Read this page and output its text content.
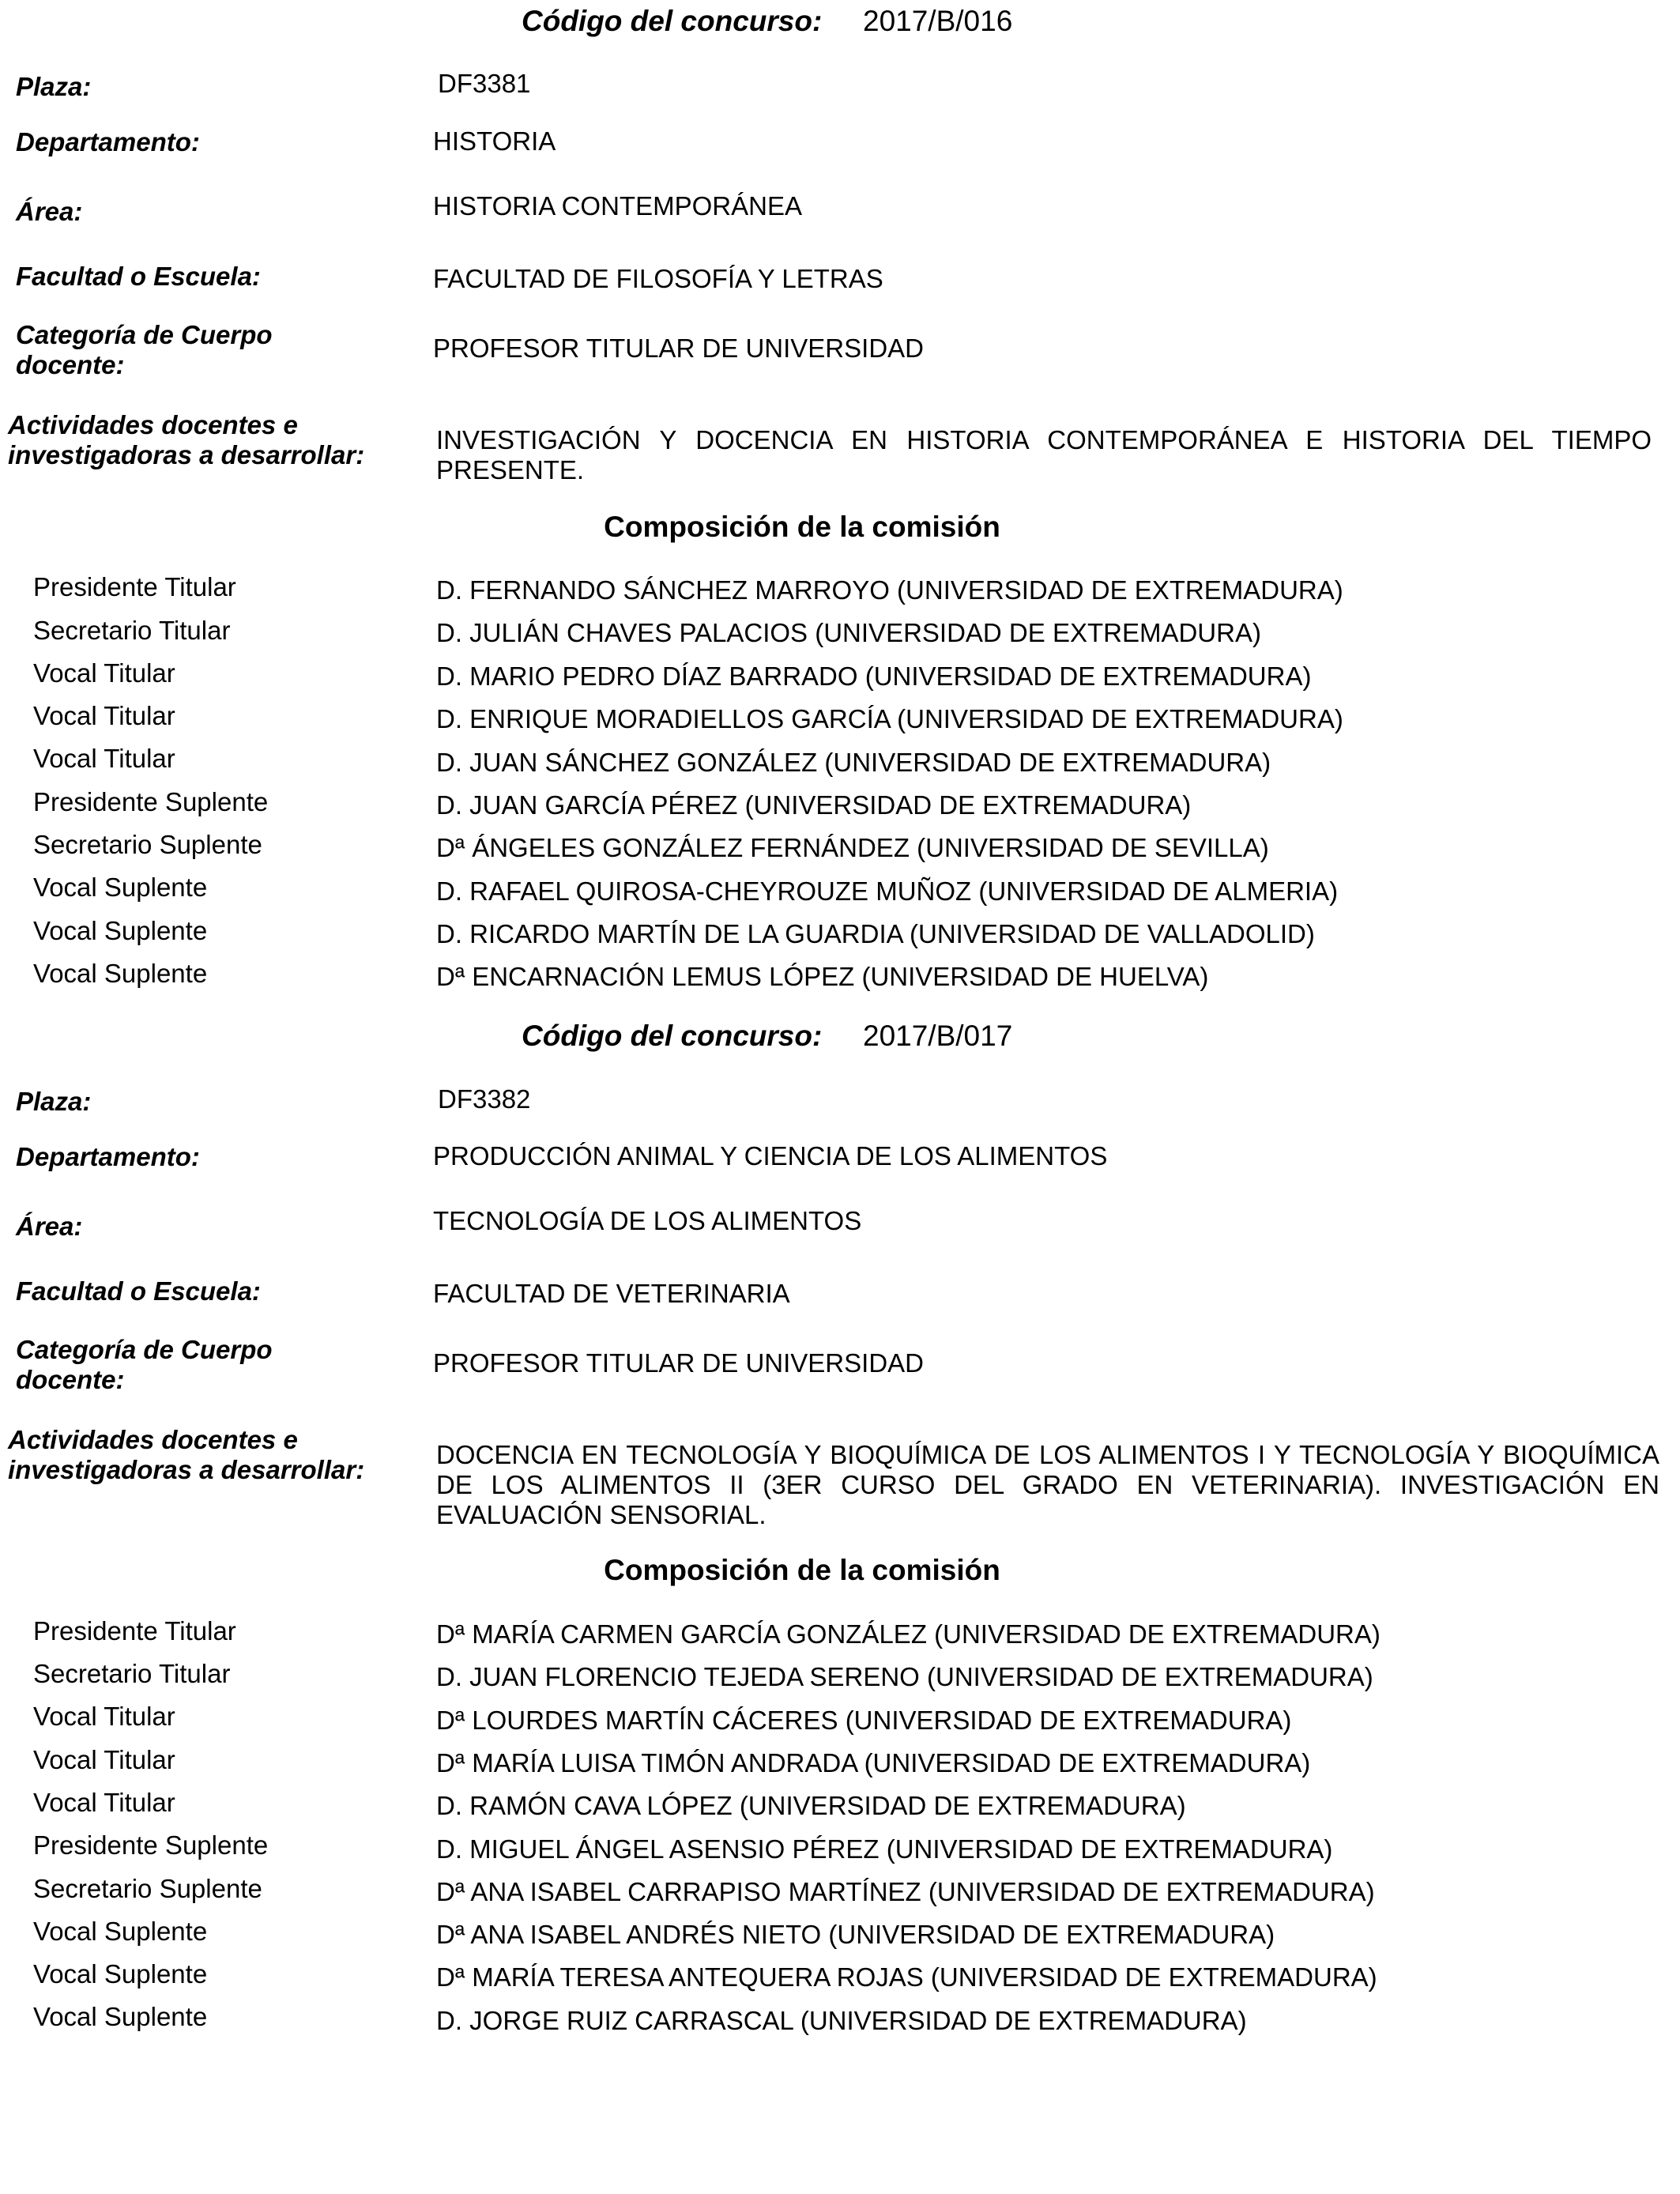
Código del concurso: 2017/B/016
Plaza:	DF3381
Departamento:	HISTORIA
Área:	HISTORIA CONTEMPORÁNEA
Facultad o Escuela:	FACULTAD DE FILOSOFÍA Y LETRAS
Categoría de Cuerpo
docente:
PROFESOR TITULAR DE UNIVERSIDAD
Actividades docentes e
investigadoras a desarrollar:
INVESTIGACIÓN Y DOCENCIA EN HISTORIA CONTEMPORÁNEA E HISTORIA DEL TIEMPO PRESENTE.
Composición de la comisión
Presidente Titular	D. FERNANDO SÁNCHEZ MARROYO (UNIVERSIDAD DE EXTREMADURA)
Secretario Titular	D. JULIÁN CHAVES PALACIOS (UNIVERSIDAD DE EXTREMADURA)
Vocal Titular	D. MARIO PEDRO DÍAZ BARRADO (UNIVERSIDAD DE EXTREMADURA)
Vocal Titular	D. ENRIQUE MORADIELLOS GARCÍA (UNIVERSIDAD DE EXTREMADURA)
Vocal Titular	D. JUAN SÁNCHEZ GONZÁLEZ (UNIVERSIDAD DE EXTREMADURA)
Presidente Suplente	D. JUAN GARCÍA PÉREZ (UNIVERSIDAD DE EXTREMADURA)
Secretario Suplente	Dª ÁNGELES GONZÁLEZ FERNÁNDEZ (UNIVERSIDAD DE SEVILLA)
Vocal Suplente	D. RAFAEL QUIROSA-CHEYROUZE MUÑOZ (UNIVERSIDAD DE ALMERIA)
Vocal Suplente	D. RICARDO MARTÍN DE LA GUARDIA (UNIVERSIDAD DE VALLADOLID)
Vocal Suplente	Dª ENCARNACIÓN LEMUS LÓPEZ (UNIVERSIDAD DE HUELVA)
Código del concurso: 2017/B/017
Plaza:	DF3382
Departamento:	PRODUCCIÓN ANIMAL Y CIENCIA DE LOS ALIMENTOS
Área:	TECNOLOGÍA DE LOS ALIMENTOS
Facultad o Escuela:	FACULTAD DE VETERINARIA
Categoría de Cuerpo
docente:
PROFESOR TITULAR DE UNIVERSIDAD
Actividades docentes e
investigadoras a desarrollar:
DOCENCIA EN TECNOLOGÍA Y BIOQUÍMICA DE LOS ALIMENTOS I Y TECNOLOGÍA Y BIOQUÍMICA DE LOS ALIMENTOS II (3ER CURSO DEL GRADO EN VETERINARIA). INVESTIGACIÓN EN EVALUACIÓN SENSORIAL.
Composición de la comisión
Presidente Titular	Dª MARÍA CARMEN GARCÍA GONZÁLEZ (UNIVERSIDAD DE EXTREMADURA)
Secretario Titular	D. JUAN FLORENCIO TEJEDA SERENO (UNIVERSIDAD DE EXTREMADURA)
Vocal Titular	Dª LOURDES MARTÍN CÁCERES (UNIVERSIDAD DE EXTREMADURA)
Vocal Titular	Dª MARÍA LUISA TIMÓN ANDRADA (UNIVERSIDAD DE EXTREMADURA)
Vocal Titular	D. RAMÓN CAVA LÓPEZ (UNIVERSIDAD DE EXTREMADURA)
Presidente Suplente	D. MIGUEL ÁNGEL ASENSIO PÉREZ (UNIVERSIDAD DE EXTREMADURA)
Secretario Suplente	Dª ANA ISABEL CARRAPISO MARTÍNEZ (UNIVERSIDAD DE EXTREMADURA)
Vocal Suplente	Dª ANA ISABEL ANDRÉS NIETO (UNIVERSIDAD DE EXTREMADURA)
Vocal Suplente	Dª MARÍA TERESA ANTEQUERA ROJAS (UNIVERSIDAD DE EXTREMADURA)
Vocal Suplente	D. JORGE RUIZ CARRASCAL (UNIVERSIDAD DE EXTREMADURA)
